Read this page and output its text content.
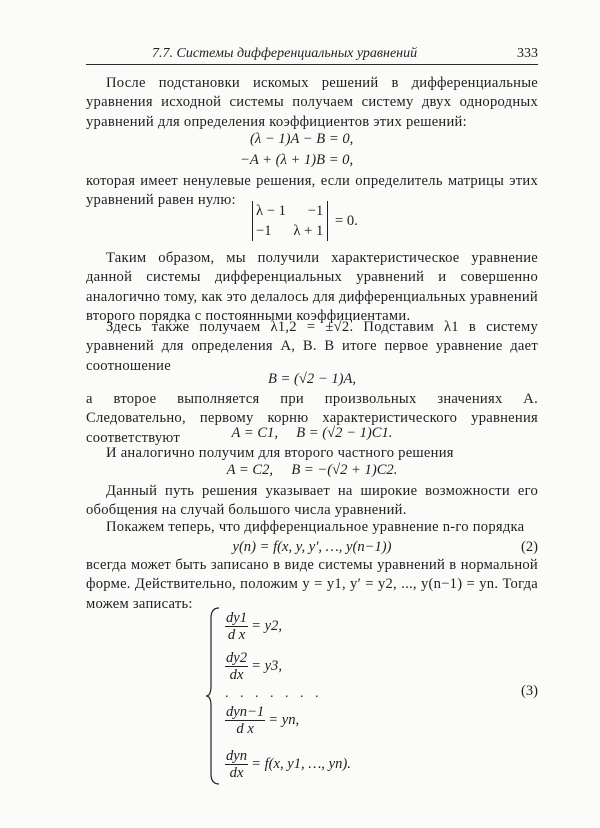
7.7. Системы дифференциальных уравнений	333

После подстановки искомых решений в дифференциальные уравнения исходной системы получаем систему двух однородных уравнений для определения коэффициентов этих решений:

(λ − 1)A − B = 0,
−A + (λ + 1)B = 0,

которая имеет ненулевые решения, если определитель матрицы этих уравнений равен нулю:

λ − 1      −1
−1      λ + 1
= 0.

Таким образом, мы получили характеристическое уравнение данной системы дифференциальных уравнений и совершенно аналогично тому, как это делалось для дифференциальных уравнений второго порядка с постоянными коэффициентами.

Здесь также получаем λ1,2 = ±√2. Подставим λ1 в систему уравнений для определения A, B. В итоге первое уравнение дает соотношение

B = (√2 − 1)A,

а второе выполняется при произвольных значениях A. Следовательно, первому корню характеристического уравнения соответствуют	A = C1,     B = (√2 − 1)C1.

И аналогично получим для второго частного решения

A = C2,     B = −(√2 + 1)C2.

Данный путь решения указывает на широкие возможности его обобщения на случай большого числа уравнений.

Покажем теперь, что дифференциальное уравнение n-го порядка

y(n) = f(x, y, y′, …, y(n−1))	(2)

всегда может быть записано в виде системы уравнений в нормальной форме. Действительно, положим y = y1, y′ = y2, ..., y(n−1) = yn. Тогда можем записать:

$\frac{dy1}{\text{d x}} = y2$,
$\frac{dy2}{dx} = y3$,
. . . . . . .
$\frac{\text{dyn−1}}{\text{d x}}$ = yn,
$\frac{\text{dyn}}{dx} = f(x$, y1, …, yn).
(3)
